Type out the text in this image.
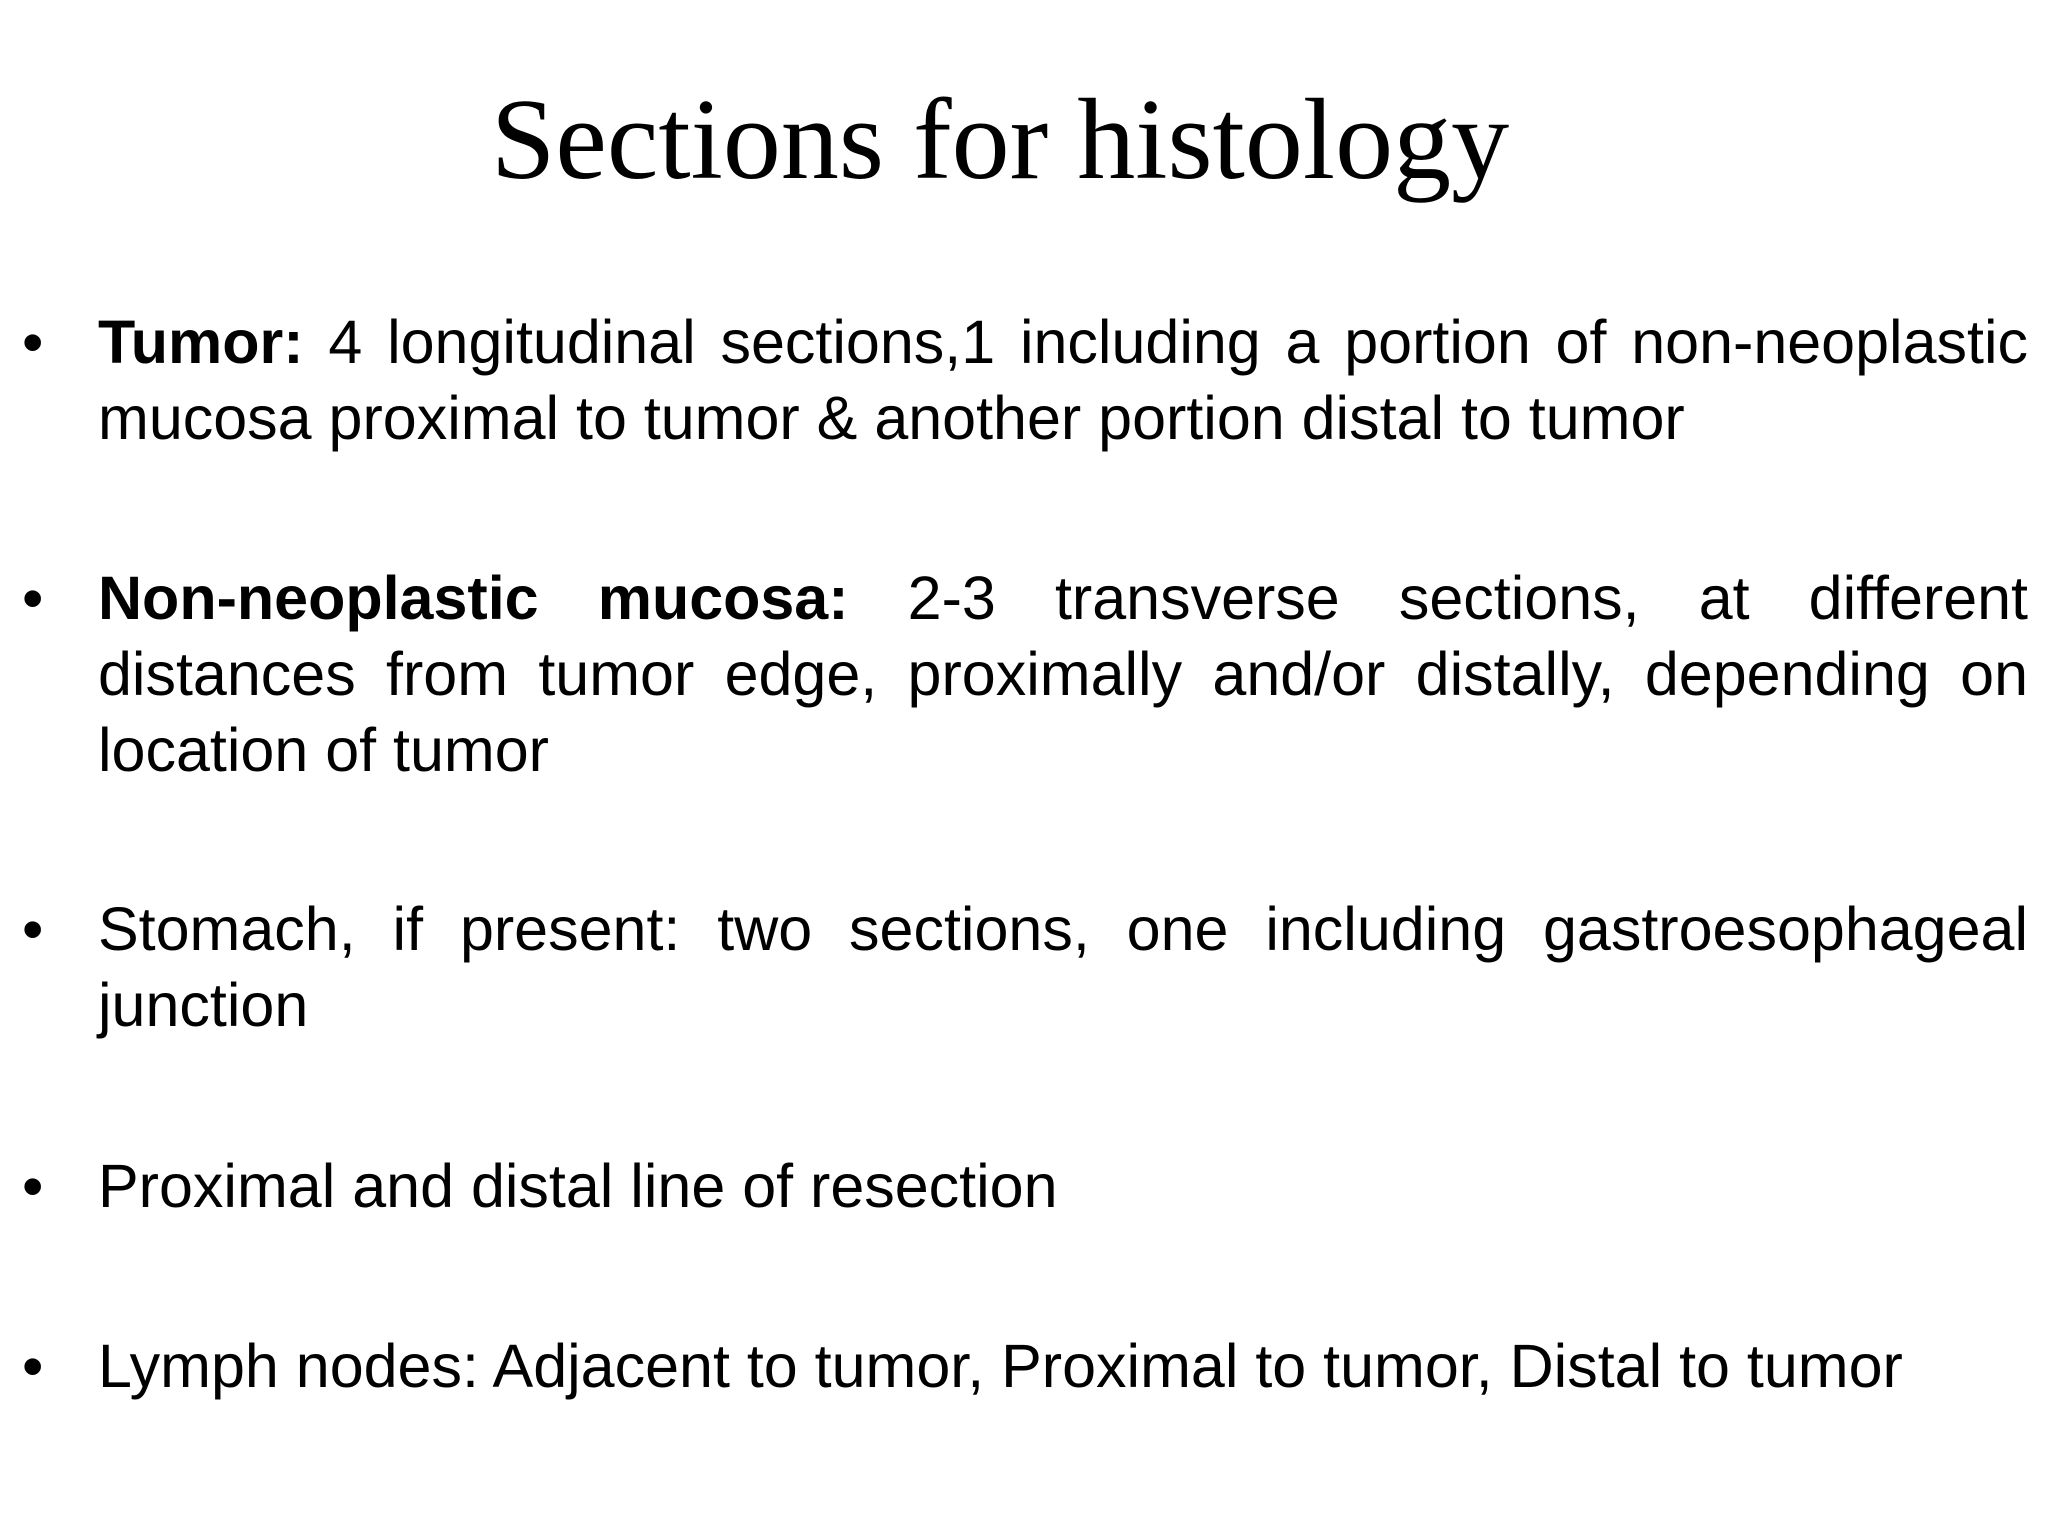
Sections for histology
• Tumor: 4 longitudinal sections,1 including a portion of non-neoplastic mucosa proximal to tumor & another portion distal to tumor
• Non-neoplastic mucosa: 2-3 transverse sections, at different distances from tumor edge, proximally and/or distally, depending on location of tumor
• Stomach, if present: two sections, one including gastroesophageal junction
• Proximal and distal line of resection
• Lymph nodes: Adjacent to tumor, Proximal to tumor, Distal to tumor
